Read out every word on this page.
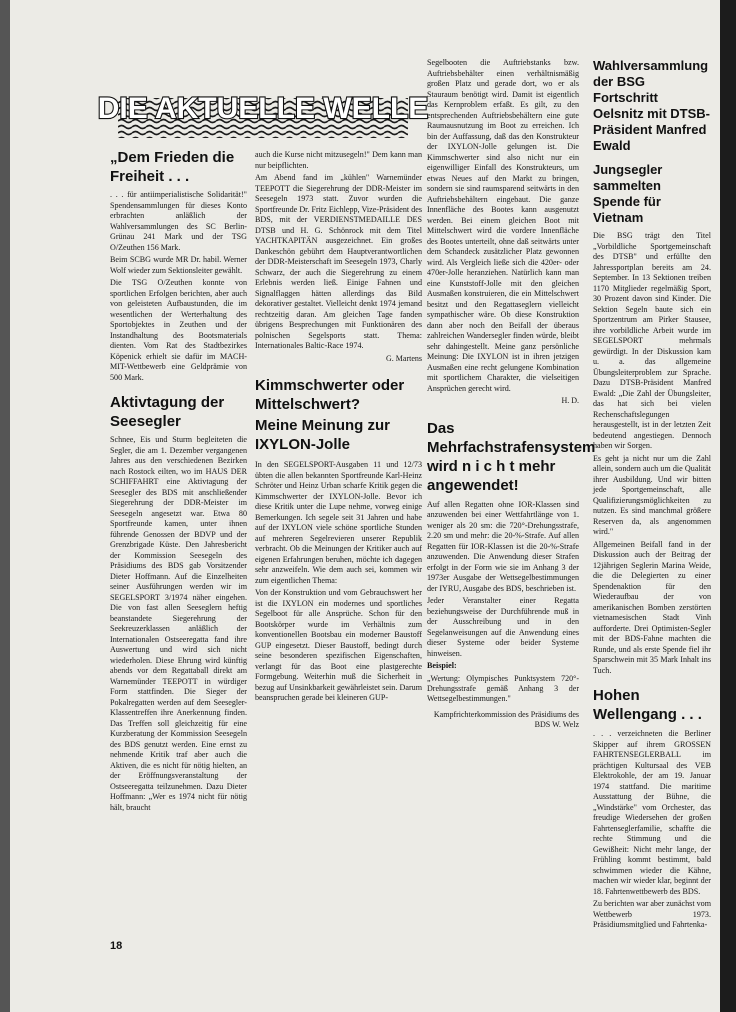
DIE AKTUELLE WELLE
„Dem Frieden die Freiheit . . .

. . . für antiimperialistische Solidarität!" Spendensammlungen für dieses Konto erbrachten anläßlich der Wahlversammlungen des SC Berlin-Grünau 241 Mark und der TSG O/Zeuthen 156 Mark.

Beim SCBG wurde MR Dr. habil. Werner Wolf wieder zum Sektionsleiter gewählt.

Die TSG O/Zeuthen konnte von sportlichen Erfolgen berichten, aber auch von geleisteten Aufbaustunden, die im wesentlichen der Werterhaltung des Sportobjektes in Zeuthen und der Instandhaltung des Bootsmaterials dienten. Vom Rat des Stadtbezirkes Köpenick erhielt sie dafür im MACH-MIT-Wettbewerb eine Geldprämie von 500 Mark.

Aktivtagung der Seesegler

Schnee, Eis und Sturm begleiteten die Segler, die am 1. Dezember vergangenen Jahres aus den verschiedenen Bezirken nach Rostock eilten, wo im HAUS DER SCHIFFAHRT eine Aktivtagung der Seesegler des BDS mit anschließender Siegerehrung der DDR-Meister im Seesegeln angesetzt war. Etwa 80 Sportfreunde kamen, unter ihnen führende Genossen der BDVP und der Grenzbrigade Küste. Den Jahresbericht der Kommission Seesegeln des Präsidiums des BDS gab Vorsitzender Dieter Hoffmann. Auf die Einzelheiten seiner Ausführungen werden wir im SEGELSPORT 3/1974 näher eingehen. Die von fast allen Seeseglern heftig beanstandete Siegerehrung der Seekreuzerklassen anläßlich der Internationalen Ostseeregatta fand ihre Auswertung und wird sich nicht wiederholen. Diese Ehrung wird künftig abends vor dem Regattaball direkt am Warnemünder TEEPOTT in würdiger Form stattfinden. Die Sieger der Pokalregatten werden auf dem Seesegler-Klassentreffen ihre Anerkennung finden. Das Treffen soll gleichzeitig für eine Kurzberatung der Kommission Seesegeln des BDS genutzt werden. Eine ernst zu nehmende Kritik traf aber auch die Aktiven, die es nicht für nötig hielten, an der Eröffnungsveranstaltung der Ostseeregatta teilzunehmen. Dazu Dieter Hoffmann: „Wer es 1974 nicht für nötig hält, braucht

auch die Kurse nicht mitzusegeln!" Dem kann man nur beipflichten.

Am Abend fand im „kühlen" Warnemünder TEEPOTT die Siegerehrung der DDR-Meister im Seesegeln 1973 statt. Zuvor wurden die Sportfreunde Dr. Fritz Eichlepp, Vize-Präsident des BDS, mit der VERDIENSTMEDAILLE DES DTSB und H. G. Schönrock mit dem Titel YACHTKAPITÄN ausgezeichnet. Ein großes Dankeschön gebührt dem Hauptverantwortlichen der DDR-Meisterschaft im Seesegeln 1973, Charly Schwarz, der auch die Siegerehrung zu einem Erlebnis werden ließ. Einige Fahnen und Signalflaggen hätten allerdings das Bild dekorativer gestaltet. Vielleicht denkt 1974 jemand rechtzeitig daran. Am gleichen Tage fanden übrigens Besprechungen mit Funktionären des polnischen Segelsports statt. Thema: Internationales Baltic-Race 1974.

G. Martens

Kimmschwerter oder Mittelschwert?
Meine Meinung zur IXYLON-Jolle

In den SEGELSPORT-Ausgaben 11 und 12/73 übten die allen bekannten Sportfreunde Karl-Heinz Schröter und Heinz Urban scharfe Kritik gegen die Kimmschwerter der IXYLON-Jolle. Bevor ich diese Kritik unter die Lupe nehme, vorweg einige Bemerkungen. Ich segele seit 31 Jahren und habe auf der IXYLON viele schöne sportliche Stunden auf mehreren Segelrevieren unserer Republik verbracht. Ob die Meinungen der Kritiker auch auf eigenen Erfahrungen beruhen, möchte ich dagegen sehr anzweifeln. Wie dem auch sei, kommen wir zum eigentlichen Thema:

Von der Konstruktion und vom Gebrauchswert her ist die IXYLON ein modernes und sportliches Segelboot für alle Ansprüche. Schon für den Bootskörper wurde im Verhältnis zum konventionellen Bootsbau ein moderner Baustoff GUP eingesetzt. Dieser Baustoff, bedingt durch seine besonderen spezifischen Eigenschaften, verlangt für das Boot eine plastgerechte Formgebung. Weiterhin muß die Sicherheit in bezug auf Unsinkbarkeit gewährleistet sein. Darum beanspruchen gerade bei kleineren GUP-

Segelbooten die Auftriebstanks bzw. Auftriebsbehälter einen verhältnismäßig großen Platz und gerade dort, wo er als Stauraum benötigt wird. Damit ist eigentlich das Kernproblem erfaßt. Es gilt, zu den entsprechenden Auftriebsbehältern eine gute Raumausnutzung im Boot zu erreichen. Ich bin der Auffassung, daß das den Konstrukteur der IXYLON-Jolle gelungen ist. Die Kimmschwerter sind also nicht nur ein eigenwilliger Einfall des Konstrukteurs, um etwas Neues auf den Markt zu bringen, sondern sie sind raumsparend seitwärts in den Auftriebsbehältern eingebaut. Die ganze Innenfläche des Bootes kann ausgenutzt werden. Bei einem gleichen Boot mit Mittelschwert wird die vordere Innenfläche des Bootes unterteilt, ohne daß seitwärts unter dem Schandeck zusätzlicher Platz gewonnen wird. Als Vergleich ließe sich die 420er- oder 470er-Jolle heranziehen. Natürlich kann man eine Kunststoff-Jolle mit den gleichen Ausmaßen konstruieren, die ein Mittelschwert besitzt und den Regattaseglern vielleicht sympathischer wäre. Ob diese Konstruktion dann aber noch den Beifall der überaus zahlreichen Wandersegler finden würde, bleibt sehr dahingestellt. Meine ganz persönliche Meinung: Die IXYLON ist in ihren jetzigen Ausmaßen eine recht gelungene Kombination mit sportlichem Charakter, die vielseitigen Ansprüchen gerecht wird.

H. D.

Das Mehrfachstrafensystem wird n i c h t mehr angewendet!

Auf allen Regatten ohne IOR-Klassen sind anzuwenden bei einer Wettfahrtlänge von 1. weniger als 20 sm: die 720°-Drehungsstrafe, 2.20 sm und mehr: die 20-%-Strafe. Auf allen Regatten für IOR-Klassen ist die 20-%-Strafe anzuwenden. Die Anwendung dieser Strafen erfolgt in der Form wie sie im Anhang 3 der 1973er Ausgabe der Wettsegelbestimmungen der IYRU, Ausgabe des BDS, beschrieben ist.

Jeder Veranstalter einer Regatta beziehungsweise der Durchführende muß in der Ausschreibung und in den Segelanweisungen auf die Anwendung eines dieser Systeme oder beider Systeme hinweisen.

Beispiel:

„Wertung: Olympisches Punktsystem 720°-Drehungsstrafe gemäß Anhang 3 der Wettsegelbestimmungen."

Kampfrichterkommission des Präsidiums des BDS W. Welz

Wahlversammlung der BSG Fortschritt Oelsnitz mit DTSB-Präsident Manfred Ewald
Jungsegler sammelten Spende für Vietnam

Die BSG trägt den Titel „Vorbildliche Sportgemeinschaft des DTSB" und erfüllte den Jahressportplan bereits am 24. September. In 13 Sektionen treiben 1170 Mitglieder regelmäßig Sport, 30 Prozent davon sind Kinder. Die Sektion Segeln baute sich ein Sportzentrum am Pirker Stausee, ihre vorbildliche Arbeit wurde im SEGELSPORT mehrmals gewürdigt. In der Diskussion kam u. a. das allgemeine Übungsleiterproblem zur Sprache. Dazu DTSB-Präsident Manfred Ewald: „Die Zahl der Übungsleiter, das hat sich bei vielen Rechenschaftslegungen herausgestellt, ist in der letzten Zeit bedeutend angestiegen. Dennoch haben wir Sorgen.

Es geht ja nicht nur um die Zahl allein, sondern auch um die Qualität ihrer Ausbildung. Und wir bitten jede Sportgemeinschaft, alle Qualifizierungsmöglichkeiten zu nutzen. Es sind manchmal größere Reserven da, als angenommen wird."

Allgemeinen Beifall fand in der Diskussion auch der Beitrag der 12jährigen Seglerin Marina Weide, die die Delegierten zu einer Spendenaktion für den Wiederaufbau der von amerikanischen Bomben zerstörten vietnamesischen Stadt Vinh aufforderte. Drei Optimisten-Segler mit der BDS-Fahne machten die Runde, und als erste Spende fiel ihr Sparschwein mit 35 Mark Inhalt ins Tuch.

Hohen Wellengang . . .

. . . verzeichneten die Berliner Skipper auf ihrem GROSSEN FAHRTENSEGLERBALL im prächtigen Kultursaal des VEB Elektrokohle, der am 19. Januar 1974 stattfand. Die maritime Ausstattung der Bühne, die „Windstärke" vom Orchester, das freudige Wiedersehen der großen Fahrtenseglerfamilie, schaffte die rechte Stimmung und die Gewißheit: Nicht mehr lange, der Frühling kommt bestimmt, bald schwimmen wieder die Kähne, machen wir wieder klar, beginnt der 18. Fahrtenwettbewerb des BDS.

Zu berichten war aber zunächst vom Wettbewerb 1973. Präsidiumsmitglied und Fahrtenka-

18
